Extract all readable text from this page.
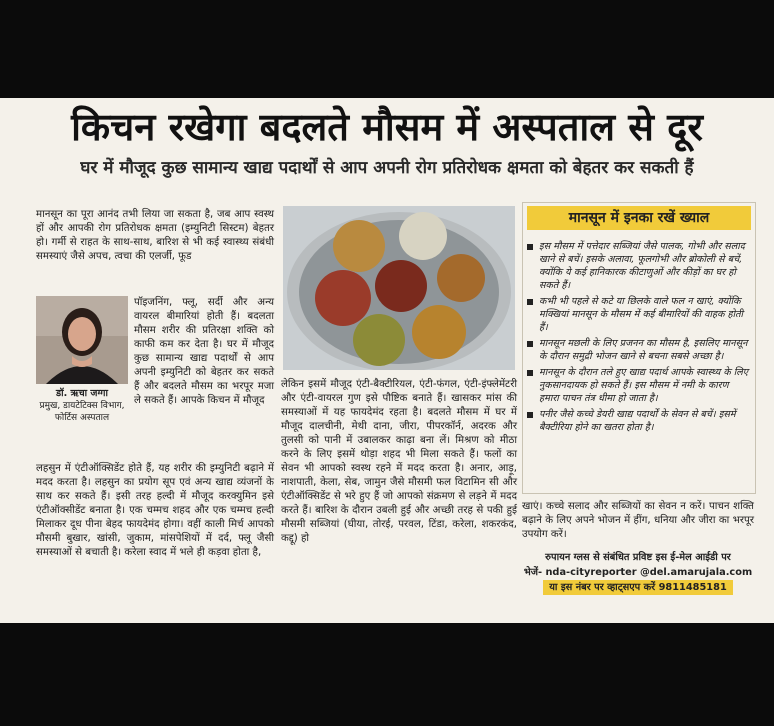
किचन रखेगा बदलते मौसम में अस्पताल से दूर
घर में मौजूद कुछ सामान्य खाद्य पदार्थों से आप अपनी रोग प्रतिरोधक क्षमता को बेहतर कर सकती हैं

मानसून का पूरा आनंद तभी लिया जा सकता है, जब आप स्वस्थ हों और आपकी रोग प्रतिरोधक क्षमता (इम्युनिटी सिस्टम) बेहतर हो। गर्मी से राहत के साथ-साथ, बारिश से भी कई स्वास्थ्य संबंधी समस्याएं जैसे अपच, त्वचा की एलर्जी, फूड

डॉ. ऋचा जग्गा
प्रमुख, डायटेटिक्स विभाग, फोर्टिस अस्पताल

पॉइजनिंग, फ्लू, सर्दी और अन्य वायरल बीमारियां होती हैं। बदलता मौसम शरीर की प्रतिरक्षा शक्ति को काफी कम कर देता है। घर में मौजूद कुछ सामान्य खाद्य पदार्थों से आप अपनी इम्युनिटी को बेहतर कर सकते हैं और बदलते मौसम का भरपूर मजा ले सकते हैं। आपके किचन में मौजूद

लहसुन में एंटीऑक्सिडेंट होते हैं, यह शरीर की इम्युनिटी बढ़ाने में मदद करता है। लहसुन का प्रयोग सूप एवं अन्य खाद्य व्यंजनों के साथ कर सकते हैं। इसी तरह हल्दी में मौजूद करक्युमिन इसे एंटीऑक्सीडेंट बनाता है। एक चम्मच शहद और एक चम्मच हल्दी मिलाकर दूध पीना बेहद फायदेमंद होगा। वहीं काली मिर्च आपको मौसमी बुखार, खांसी, जुकाम, मांसपेशियों में दर्द, फ्लू जैसी समस्याओं से बचाती है। करेला स्वाद में भले ही कड़वा होता है,

लेकिन इसमें मौजूद एंटी-बैक्टीरियल, एंटी-फंगल, एंटी-इंफ्लेमेंटरी और एंटी-वायरल गुण इसे पौष्टिक बनाते हैं। खासकर मांस की समस्याओं में यह फायदेमंद रहता है। बदलते मौसम में घर में मौजूद दालचीनी, मेथी दाना, जीरा, पीपरकॉर्न, अदरक और तुलसी को पानी में उबालकर काढ़ा बना लें। मिश्रण को मीठा करने के लिए इसमें थोड़ा शहद भी मिला सकते हैं। फलों का सेवन भी आपको स्वस्थ रहने में मदद करता है। अनार, आड़ू, नाशपाती, केला, सेब, जामुन जैसे मौसमी फल विटामिन सी और एंटीऑक्सिडेंट से भरे हुए हैं जो आपको संक्रमण से लड़ने में मदद करते हैं। बारिश के दौरान उबली हुई और अच्छी तरह से पकी हुई मौसमी सब्जियां (घीया, तोरई, परवल, टिंडा, करेला, शकरकंद, कद्दू) हो

मानसून में इनका रखें ख्याल
इस मौसम में पत्तेदार सब्जियां जैसे पालक, गोभी और सलाद खाने से बचें। इसके अलावा, फूलगोभी और ब्रोकोली से बचें, क्योंकि ये कई हानिकारक कीटाणुओं और कीड़ों का घर हो सकते हैं।
कभी भी पहले से कटे या छिलके वाले फल न खाएं, क्योंकि मक्खियां मानसून के मौसम में कई बीमारियों की वाहक होती हैं।
मानसून मछली के लिए प्रजनन का मौसम है, इसलिए मानसून के दौरान समुद्री भोजन खाने से बचना सबसे अच्छा है।
मानसून के दौरान तले हुए खाद्य पदार्थ आपके स्वास्थ्य के लिए नुकसानदायक हो सकते हैं। इस मौसम में नमी के कारण हमारा पाचन तंत्र धीमा हो जाता है।
पनीर जैसे कच्चे डेयरी खाद्य पदार्थों के सेवन से बचें। इसमें बैक्टीरिया होने का खतरा होता है।

खाएं। कच्चे सलाद और सब्जियों का सेवन न करें। पाचन शक्ति बढ़ाने के लिए अपने भोजन में हींग, धनिया और जीरा का भरपूर उपयोग करें।

रुपायन ग्लस से संबंधित प्रविष्ट इस ई-मेल आईडी पर
भेजें- nda-cityreporter @del.amarujala.com
या इस नंबर पर व्हाट्सएप करें 9811485181
